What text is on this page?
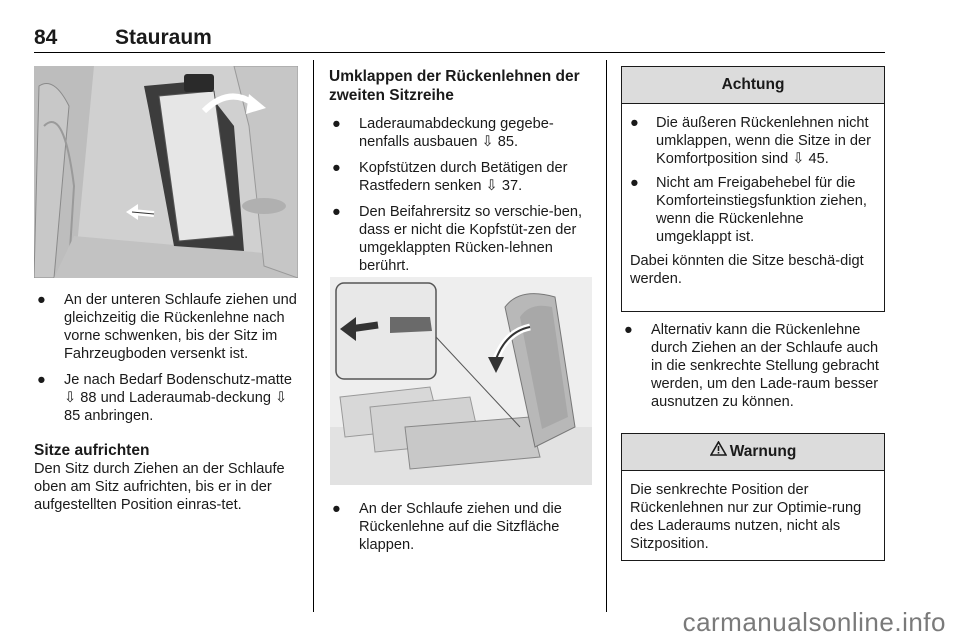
84	Stauraum
● An der unteren Schlaufe ziehen und gleichzeitig die Rückenlehne nach vorne schwenken, bis der Sitz im Fahrzeugboden versenkt ist.
● Je nach Bedarf Bodenschutz-matte ⇩ 88 und Laderaumab-deckung ⇩ 85 anbringen.
Sitze aufrichten

Den Sitz durch Ziehen an der Schlaufe oben am Sitz aufrichten, bis er in der aufgestellten Position einras-tet.

Umklappen der Rückenlehnen der zweiten Sitzreihe
● Laderaumabdeckung gegebe-nenfalls ausbauen ⇩ 85.
● Kopfstützen durch Betätigen der Rastfedern senken ⇩ 37.
● Den Beifahrersitz so verschie-ben, dass er nicht die Kopfstüt-zen der umgeklappten Rücken-lehnen berührt.
● An der Schlaufe ziehen und die Rückenlehne auf die Sitzfläche klappen.
Achtung
● Die äußeren Rückenlehnen nicht umklappen, wenn die Sitze in der Komfortposition sind ⇩ 45.
● Nicht am Freigabehebel für die Komforteinstiegsfunktion ziehen, wenn die Rückenlehne umgeklappt ist.
Dabei könnten die Sitze beschä-digt werden.
● Alternativ kann die Rückenlehne durch Ziehen an der Schlaufe auch in die senkrechte Stellung gebracht werden, um den Lade-raum besser ausnutzen zu können.
Warnung
Die senkrechte Position der Rückenlehnen nur zur Optimie-rung des Laderaums nutzen, nicht als Sitzposition.
carmanualsonline.info
